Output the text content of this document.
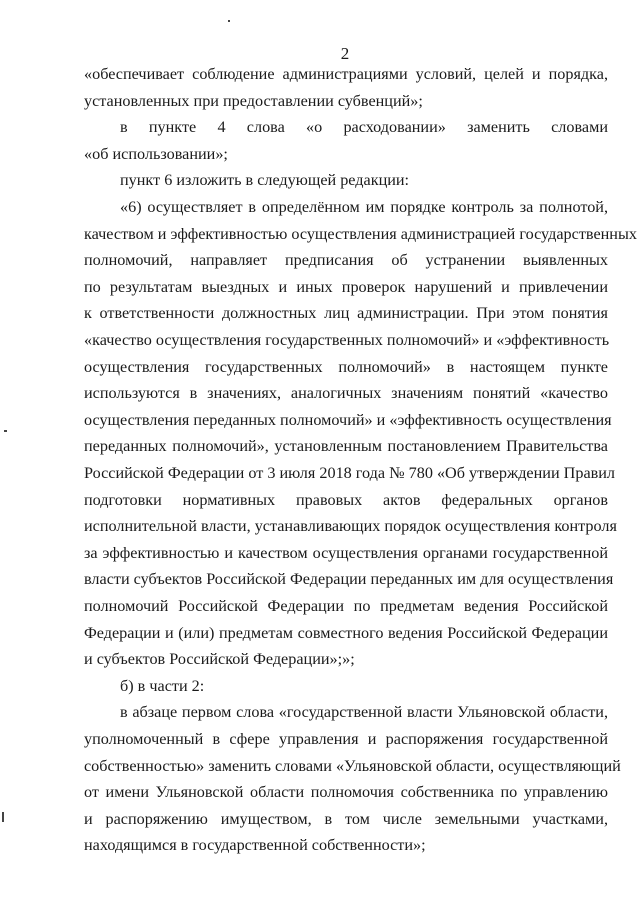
2
«обеспечивает соблюдение администрациями условий, целей и порядка,
установленных при предоставлении субвенций»;
в пункте 4 слова «о расходовании» заменить словами
«об использовании»;
пункт 6 изложить в следующей редакции:
«6) осуществляет в определённом им порядке контроль за полнотой,
качеством и эффективностью осуществления администрацией государственных
полномочий, направляет предписания об устранении выявленных
по результатам выездных и иных проверок нарушений и привлечении
к ответственности должностных лиц администрации. При этом понятия
«качество осуществления государственных полномочий» и «эффективность
осуществления государственных полномочий» в настоящем пункте
используются в значениях, аналогичных значениям понятий «качество
осуществления переданных полномочий» и «эффективность осуществления
переданных полномочий», установленным постановлением Правительства
Российской Федерации от 3 июля 2018 года № 780 «Об утверждении Правил
подготовки нормативных правовых актов федеральных органов
исполнительной власти, устанавливающих порядок осуществления контроля
за эффективностью и качеством осуществления органами государственной
власти субъектов Российской Федерации переданных им для осуществления
полномочий Российской Федерации по предметам ведения Российской
Федерации и (или) предметам совместного ведения Российской Федерации
и субъектов Российской Федерации»;»;
б) в части 2:
в абзаце первом слова «государственной власти Ульяновской области,
уполномоченный в сфере управления и распоряжения государственной
собственностью» заменить словами «Ульяновской области, осуществляющий
от имени Ульяновской области полномочия собственника по управлению
и распоряжению имуществом, в том числе земельными участками,
находящимся в государственной собственности»;
